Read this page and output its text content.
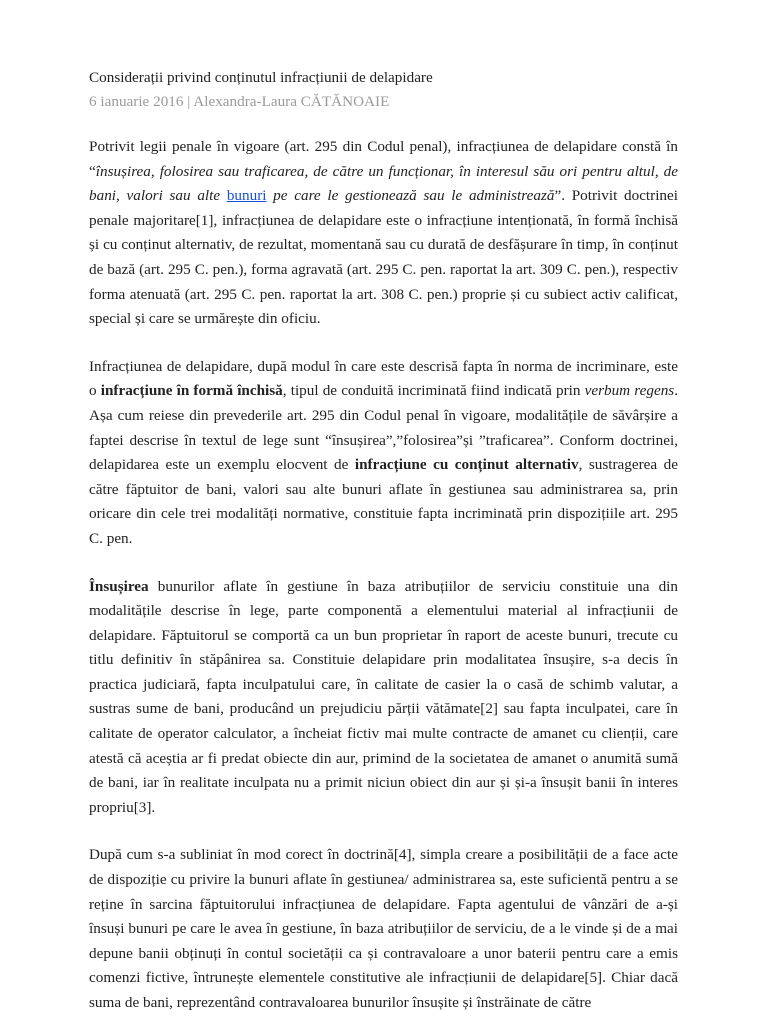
Considerații privind conținutul infracțiunii de delapidare
6 ianuarie 2016 | Alexandra-Laura CĂTĂNOAIE

Potrivit legii penale în vigoare (art. 295 din Codul penal), infracțiunea de delapidare constă în “însușirea, folosirea sau traficarea, de către un funcționar, în interesul său ori pentru altul, de bani, valori sau alte bunuri pe care le gestionează sau le administrează”. Potrivit doctrinei penale majoritare[1], infracțiunea de delapidare este o infracțiune intenționată, în formă închisă și cu conținut alternativ, de rezultat, momentană sau cu durată de desfășurare în timp, în conținut de bază (art. 295 C. pen.), forma agravată (art. 295 C. pen. raportat la art. 309 C. pen.), respectiv forma atenuată (art. 295 C. pen. raportat la art. 308 C. pen.) proprie și cu subiect activ calificat, special și care se urmărește din oficiu.

Infracțiunea de delapidare, după modul în care este descrisă fapta în norma de incriminare, este o infracțiune în formă închisă, tipul de conduită incriminată fiind indicată prin verbum regens. Așa cum reiese din prevederile art. 295 din Codul penal în vigoare, modalitățile de săvârșire a faptei descrise în textul de lege sunt “însușirea”,”folosirea”și ”traficarea”. Conform doctrinei, delapidarea este un exemplu elocvent de infracțiune cu conținut alternativ, sustragerea de către făptuitor de bani, valori sau alte bunuri aflate în gestiunea sau administrarea sa, prin oricare din cele trei modalități normative, constituie fapta incriminată prin dispozițiile art. 295 C. pen.

Însușirea bunurilor aflate în gestiune în baza atribuțiilor de serviciu constituie una din modalitățile descrise în lege, parte componentă a elementului material al infracțiunii de delapidare. Făptuitorul se comportă ca un bun proprietar în raport de aceste bunuri, trecute cu titlu definitiv în stăpânirea sa. Constituie delapidare prin modalitatea însușire, s-a decis în practica judiciară, fapta inculpatului care, în calitate de casier la o casă de schimb valutar, a sustras sume de bani, producând un prejudiciu părții vătămate[2] sau fapta inculpatei, care în calitate de operator calculator, a încheiat fictiv mai multe contracte de amanet cu clienții, care atestă că aceștia ar fi predat obiecte din aur, primind de la societatea de amanet o anumită sumă de bani, iar în realitate inculpata nu a primit niciun obiect din aur și și-a însușit banii în interes propriu[3].

După cum s-a subliniat în mod corect în doctrină[4], simpla creare a posibilității de a face acte de dispoziție cu privire la bunuri aflate în gestiunea/ administrarea sa, este suficientă pentru a se reține în sarcina făptuitorului infracțiunea de delapidare. Fapta agentului de vânzări de a-și însuși bunuri pe care le avea în gestiune, în baza atribuțiilor de serviciu, de a le vinde și de a mai depune banii obținuți în contul societății ca și contravaloare a unor baterii pentru care a emis comenzi fictive, întrunește elementele constitutive ale infracțiunii de delapidare[5]. Chiar dacă suma de bani, reprezentând contravaloarea bunurilor însușite și înstrăinate de către
